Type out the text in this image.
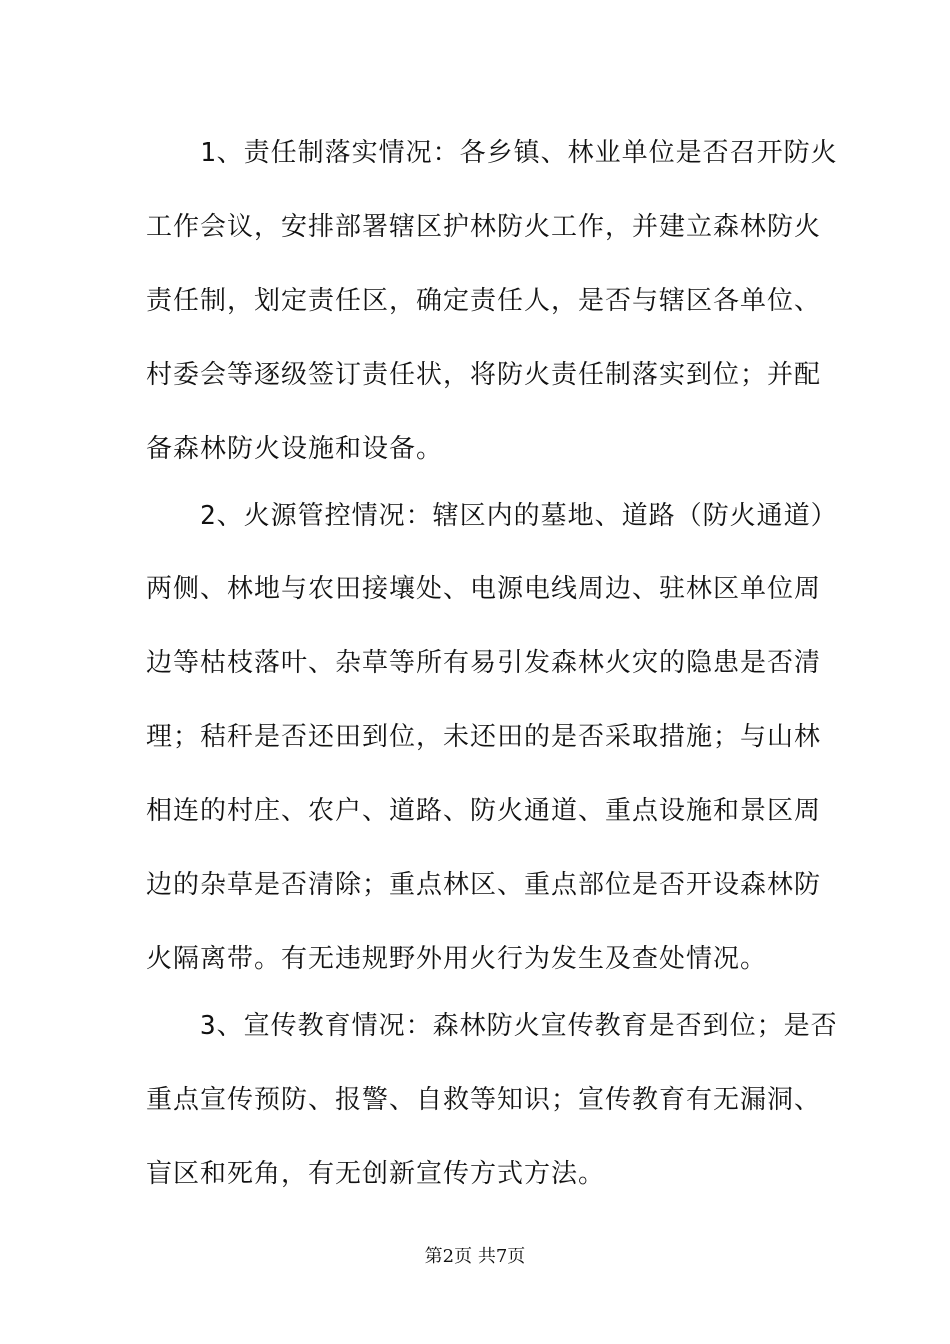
　　1、责任制落实情况：各乡镇、林业单位是否召开防火

工作会议，安排部署辖区护林防火工作，并建立森林防火

责任制，划定责任区，确定责任人，是否与辖区各单位、

村委会等逐级签订责任状，将防火责任制落实到位；并配

备森林防火设施和设备。

　　2、火源管控情况：辖区内的墓地、道路（防火通道）

两侧、林地与农田接壤处、电源电线周边、驻林区单位周

边等枯枝落叶、杂草等所有易引发森林火灾的隐患是否清

理；秸秆是否还田到位，未还田的是否采取措施；与山林

相连的村庄、农户、道路、防火通道、重点设施和景区周

边的杂草是否清除；重点林区、重点部位是否开设森林防

火隔离带。有无违规野外用火行为发生及查处情况。

　　3、宣传教育情况：森林防火宣传教育是否到位；是否

重点宣传预防、报警、自救等知识；宣传教育有无漏洞、

盲区和死角，有无创新宣传方式方法。

第2页 共7页
